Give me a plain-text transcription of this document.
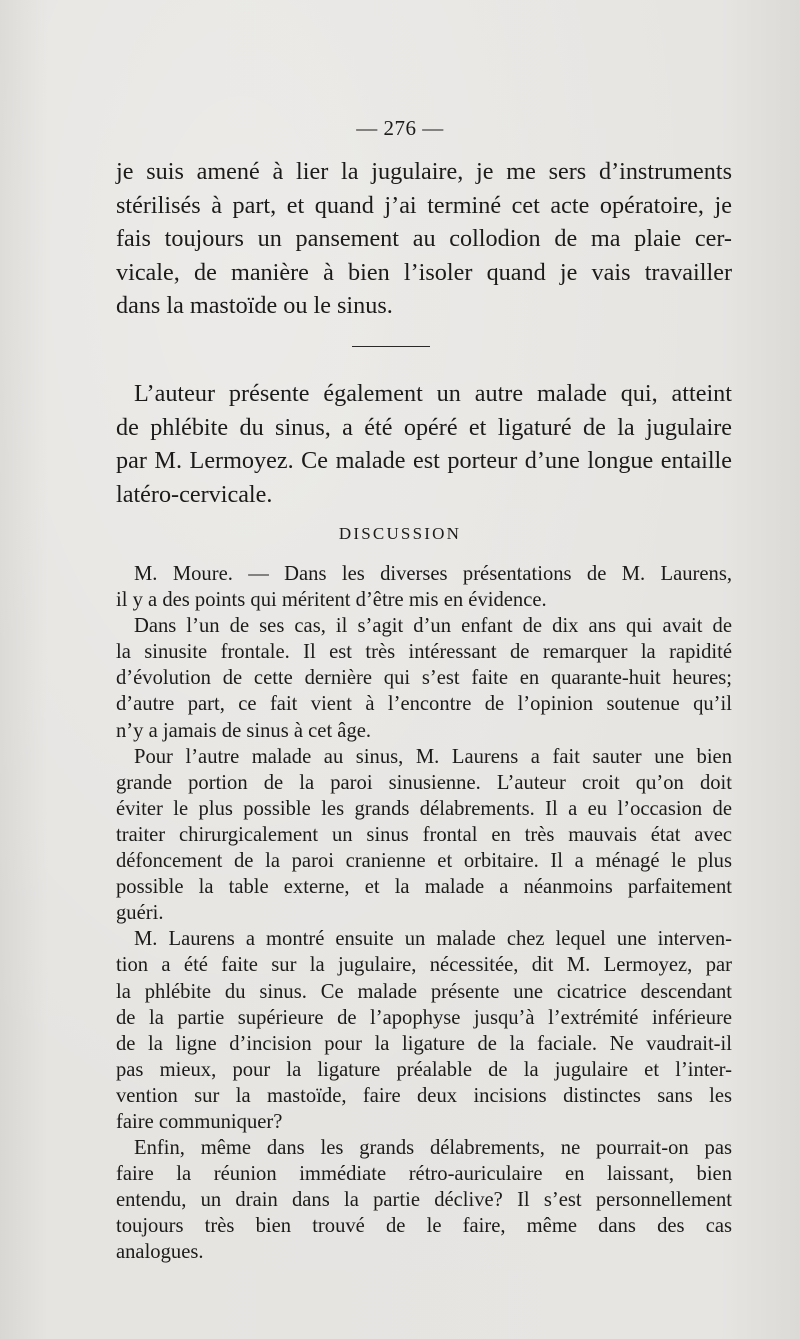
— 276 —
je suis amené à lier la jugulaire, je me sers d’instruments
stérilisés à part, et quand j’ai terminé cet acte opératoire, je
fais toujours un pansement au collodion de ma plaie cer-
vicale, de manière à bien l’isoler quand je vais travailler
dans la mastoïde ou le sinus.
L’auteur présente également un autre malade qui, atteint
de phlébite du sinus, a été opéré et ligaturé de la jugulaire
par M. Lermoyez. Ce malade est porteur d’une longue entaille
latéro-cervicale.
DISCUSSION
M. Moure. — Dans les diverses présentations de M. Laurens,
il y a des points qui méritent d’être mis en évidence.
Dans l’un de ses cas, il s’agit d’un enfant de dix ans qui avait de
la sinusite frontale. Il est très intéressant de remarquer la rapidité
d’évolution de cette dernière qui s’est faite en quarante-huit heures;
d’autre part, ce fait vient à l’encontre de l’opinion soutenue qu’il
n’y a jamais de sinus à cet âge.
Pour l’autre malade au sinus, M. Laurens a fait sauter une bien
grande portion de la paroi sinusienne. L’auteur croit qu’on doit
éviter le plus possible les grands délabrements. Il a eu l’occasion de
traiter chirurgicalement un sinus frontal en très mauvais état avec
défoncement de la paroi cranienne et orbitaire. Il a ménagé le plus
possible la table externe, et la malade a néanmoins parfaitement
guéri.
M. Laurens a montré ensuite un malade chez lequel une interven-
tion a été faite sur la jugulaire, nécessitée, dit M. Lermoyez, par
la phlébite du sinus. Ce malade présente une cicatrice descendant
de la partie supérieure de l’apophyse jusqu’à l’extrémité inférieure
de la ligne d’incision pour la ligature de la faciale. Ne vaudrait-il
pas mieux, pour la ligature préalable de la jugulaire et l’inter-
vention sur la mastoïde, faire deux incisions distinctes sans les
faire communiquer?
Enfin, même dans les grands délabrements, ne pourrait-on pas
faire la réunion immédiate rétro-auriculaire en laissant, bien
entendu, un drain dans la partie déclive? Il s’est personnellement
toujours très bien trouvé de le faire, même dans des cas
analogues.
